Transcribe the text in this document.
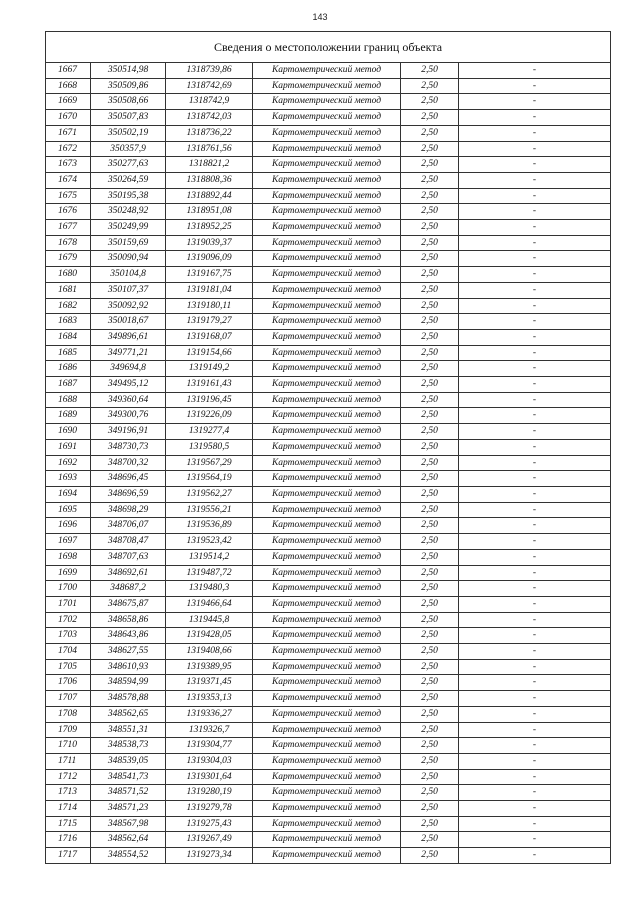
143
Сведения о местоположении границ объекта					
1667	350514,98	1318739,86	Картометрический метод	2,50	-
1668	350509,86	1318742,69	Картометрический метод	2,50	-
1669	350508,66	1318742,9	Картометрический метод	2,50	-
1670	350507,83	1318742,03	Картометрический метод	2,50	-
1671	350502,19	1318736,22	Картометрический метод	2,50	-
1672	350357,9	1318761,56	Картометрический метод	2,50	-
1673	350277,63	1318821,2	Картометрический метод	2,50	-
1674	350264,59	1318808,36	Картометрический метод	2,50	-
1675	350195,38	1318892,44	Картометрический метод	2,50	-
1676	350248,92	1318951,08	Картометрический метод	2,50	-
1677	350249,99	1318952,25	Картометрический метод	2,50	-
1678	350159,69	1319039,37	Картометрический метод	2,50	-
1679	350090,94	1319096,09	Картометрический метод	2,50	-
1680	350104,8	1319167,75	Картометрический метод	2,50	-
1681	350107,37	1319181,04	Картометрический метод	2,50	-
1682	350092,92	1319180,11	Картометрический метод	2,50	-
1683	350018,67	1319179,27	Картометрический метод	2,50	-
1684	349896,61	1319168,07	Картометрический метод	2,50	-
1685	349771,21	1319154,66	Картометрический метод	2,50	-
1686	349694,8	1319149,2	Картометрический метод	2,50	-
1687	349495,12	1319161,43	Картометрический метод	2,50	-
1688	349360,64	1319196,45	Картометрический метод	2,50	-
1689	349300,76	1319226,09	Картометрический метод	2,50	-
1690	349196,91	1319277,4	Картометрический метод	2,50	-
1691	348730,73	1319580,5	Картометрический метод	2,50	-
1692	348700,32	1319567,29	Картометрический метод	2,50	-
1693	348696,45	1319564,19	Картометрический метод	2,50	-
1694	348696,59	1319562,27	Картометрический метод	2,50	-
1695	348698,29	1319556,21	Картометрический метод	2,50	-
1696	348706,07	1319536,89	Картометрический метод	2,50	-
1697	348708,47	1319523,42	Картометрический метод	2,50	-
1698	348707,63	1319514,2	Картометрический метод	2,50	-
1699	348692,61	1319487,72	Картометрический метод	2,50	-
1700	348687,2	1319480,3	Картометрический метод	2,50	-
1701	348675,87	1319466,64	Картометрический метод	2,50	-
1702	348658,86	1319445,8	Картометрический метод	2,50	-
1703	348643,86	1319428,05	Картометрический метод	2,50	-
1704	348627,55	1319408,66	Картометрический метод	2,50	-
1705	348610,93	1319389,95	Картометрический метод	2,50	-
1706	348594,99	1319371,45	Картометрический метод	2,50	-
1707	348578,88	1319353,13	Картометрический метод	2,50	-
1708	348562,65	1319336,27	Картометрический метод	2,50	-
1709	348551,31	1319326,7	Картометрический метод	2,50	-
1710	348538,73	1319304,77	Картометрический метод	2,50	-
1711	348539,05	1319304,03	Картометрический метод	2,50	-
1712	348541,73	1319301,64	Картометрический метод	2,50	-
1713	348571,52	1319280,19	Картометрический метод	2,50	-
1714	348571,23	1319279,78	Картометрический метод	2,50	-
1715	348567,98	1319275,43	Картометрический метод	2,50	-
1716	348562,64	1319267,49	Картометрический метод	2,50	-
1717	348554,52	1319273,34	Картометрический метод	2,50	-
